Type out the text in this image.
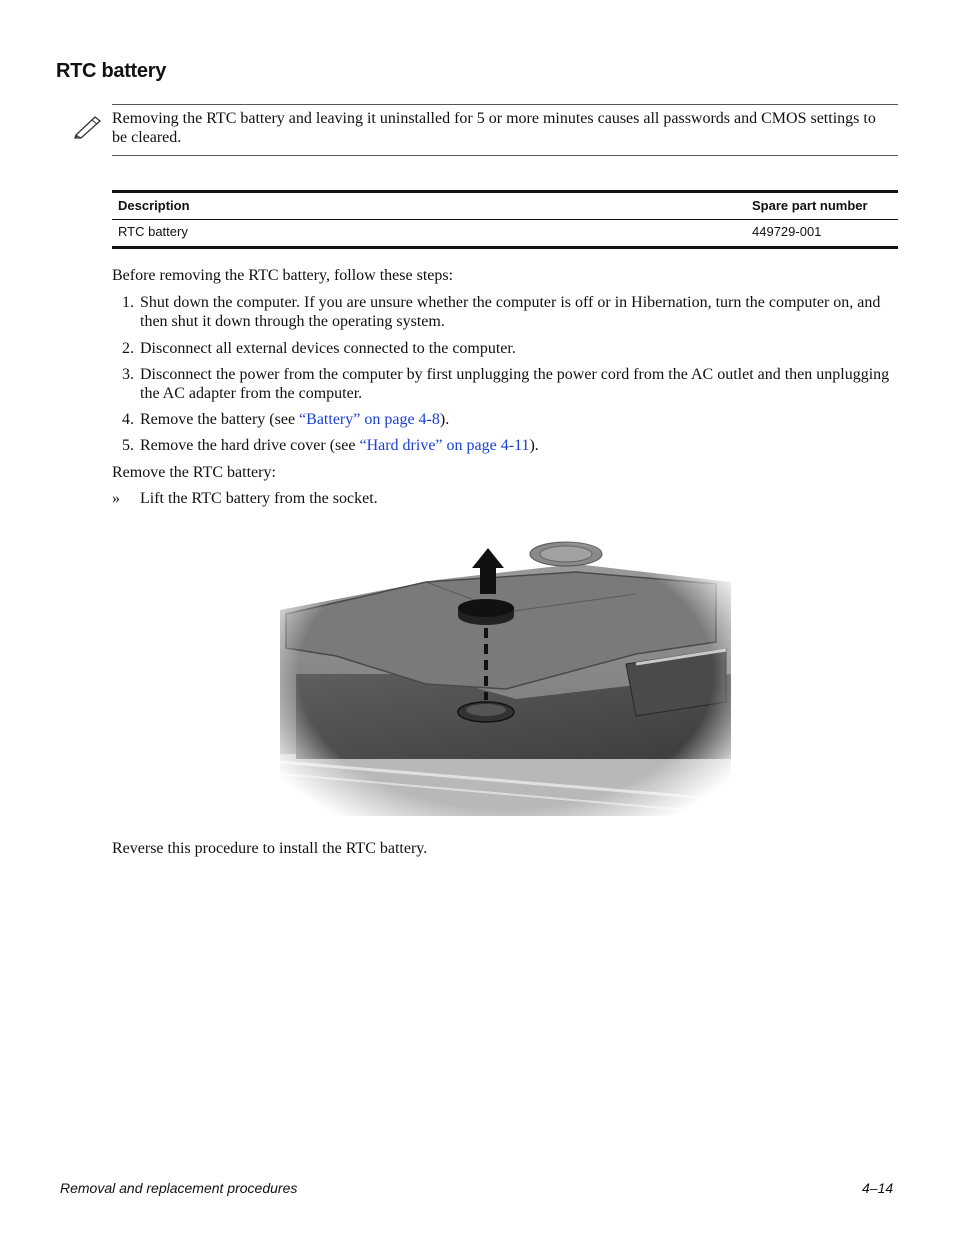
RTC battery
Removing the RTC battery and leaving it uninstalled for 5 or more minutes causes all passwords and CMOS settings to be cleared.
Description	Spare part number
RTC battery	449729-001
Before removing the RTC battery, follow these steps:
1. Shut down the computer. If you are unsure whether the computer is off or in Hibernation, turn the computer on, and then shut it down through the operating system.
2. Disconnect all external devices connected to the computer.
3. Disconnect the power from the computer by first unplugging the power cord from the AC outlet and then unplugging the AC adapter from the computer.
4. Remove the battery (see “Battery” on page 4-8).
5. Remove the hard drive cover (see “Hard drive” on page 4-11).
Remove the RTC battery:
»	Lift the RTC battery from the socket.
Reverse this procedure to install the RTC battery.
Removal and replacement procedures	4–14
